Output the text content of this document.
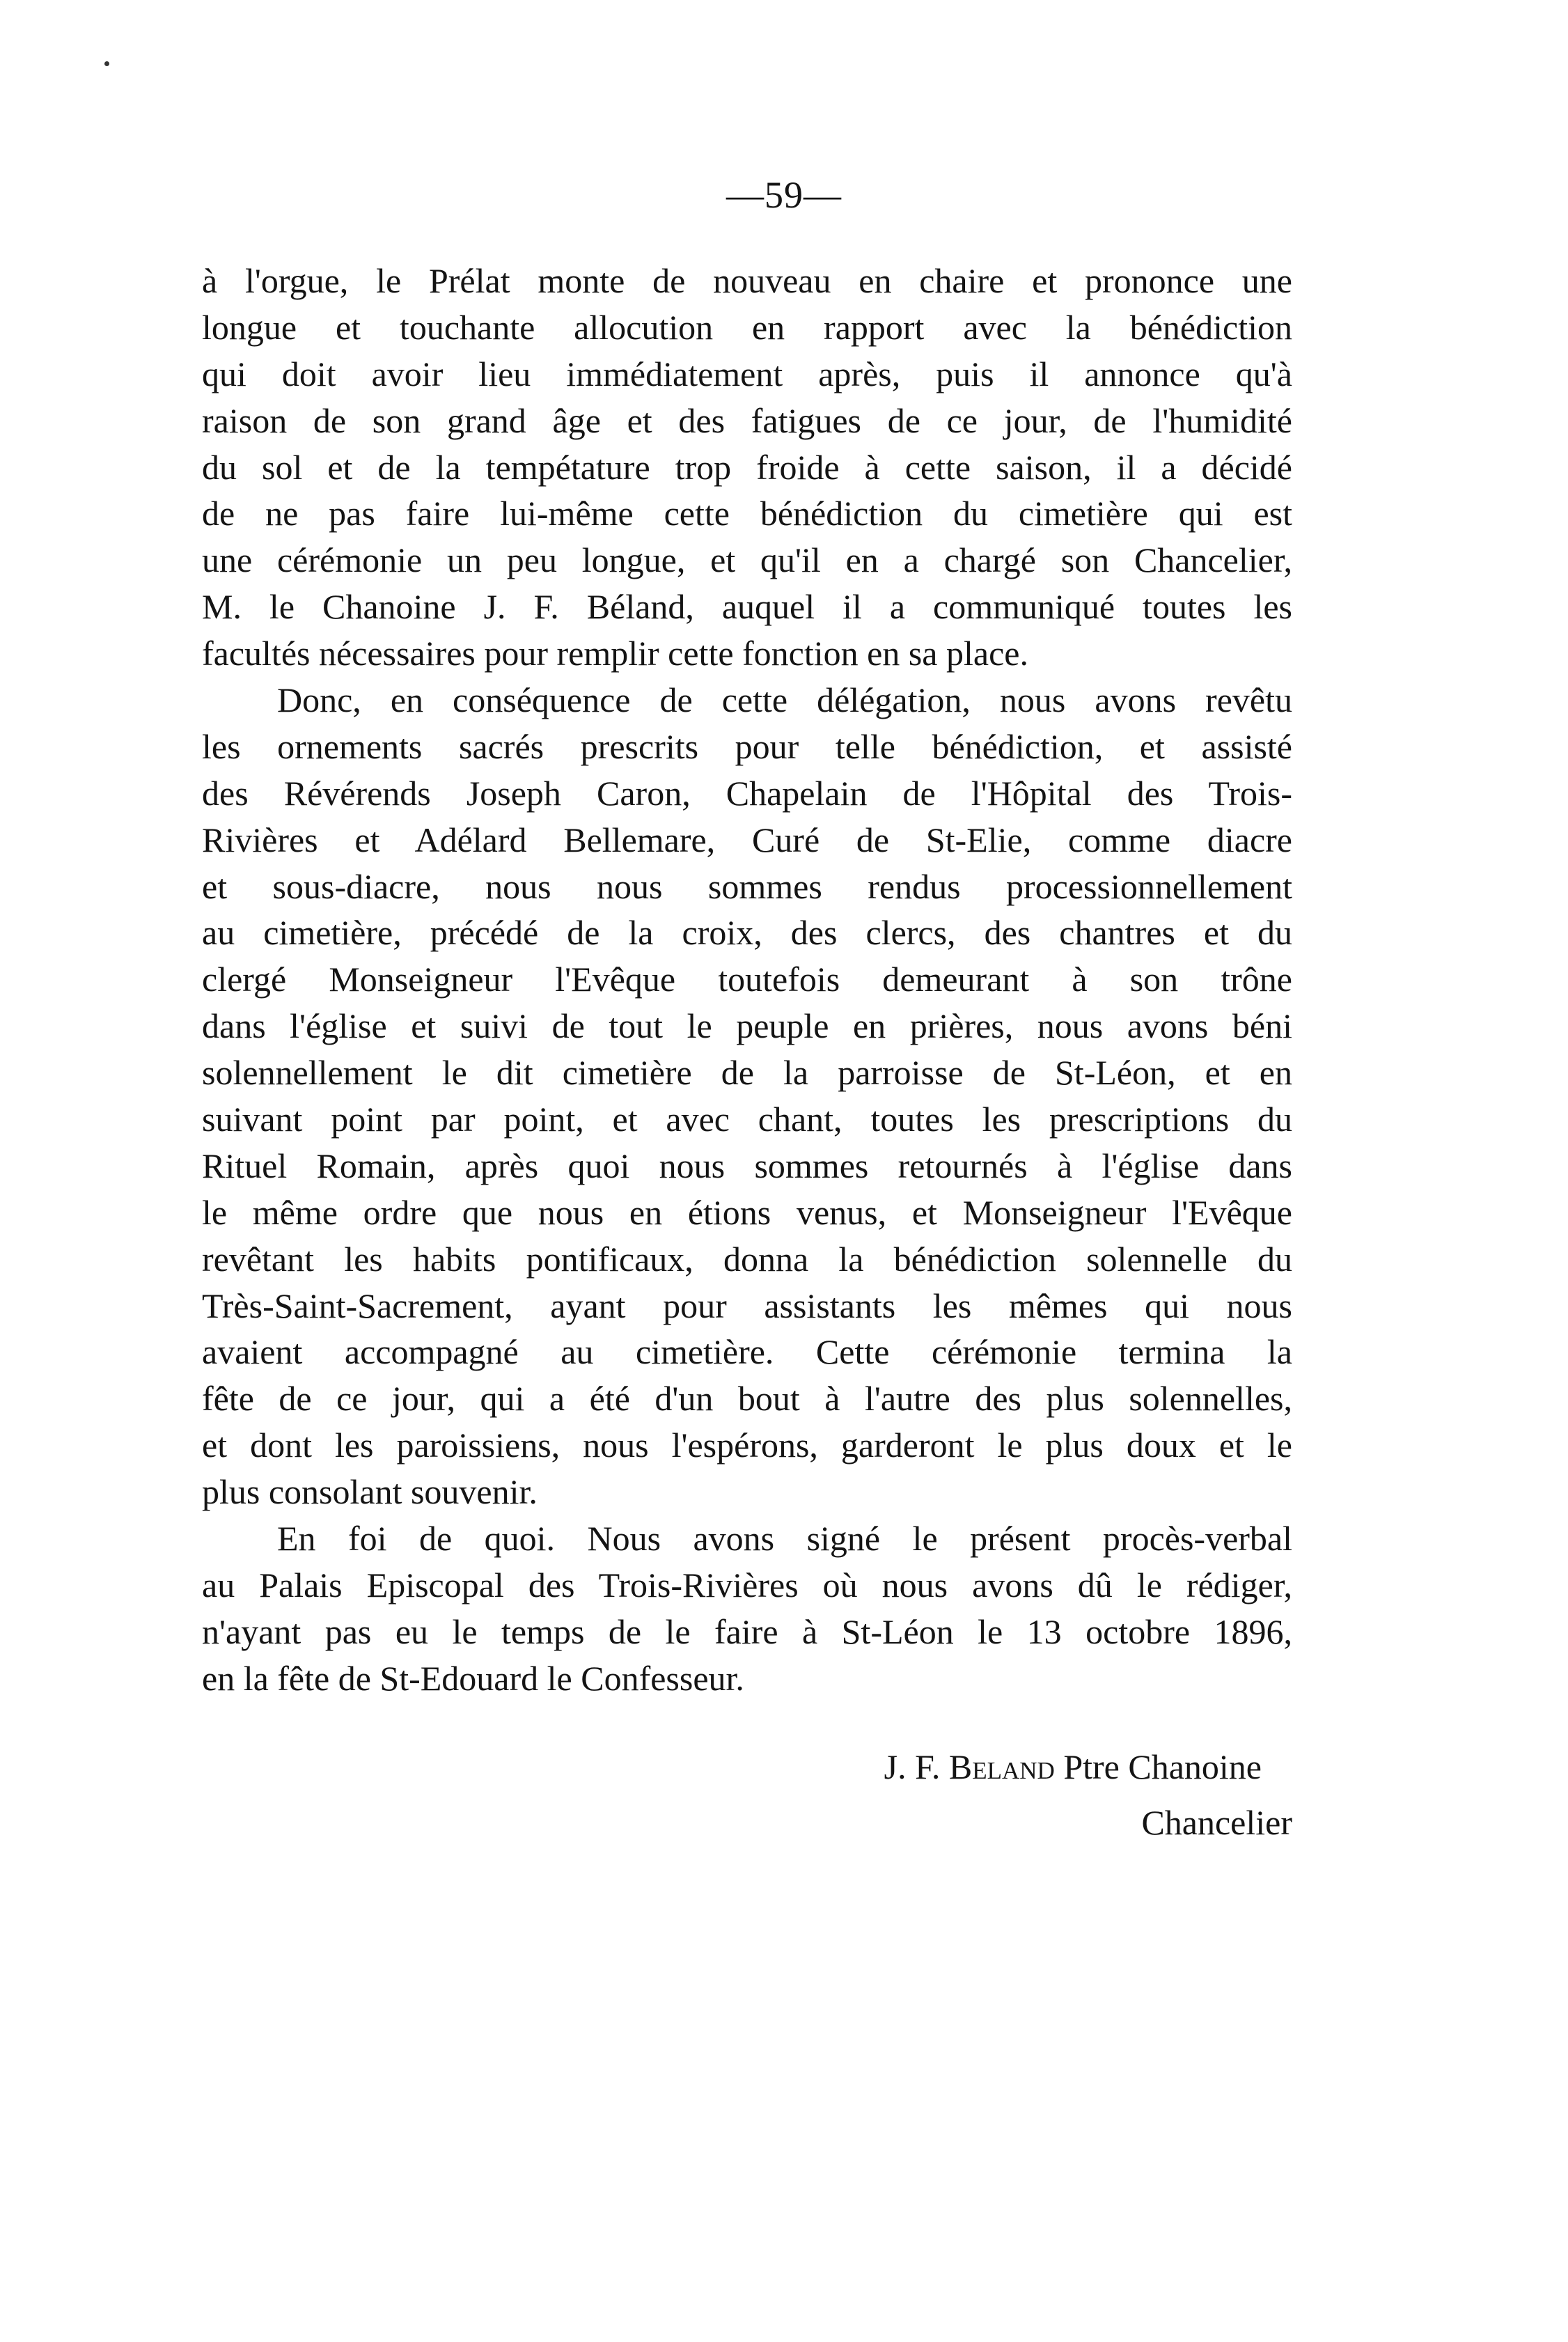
—59—
à l'orgue, le Prélat monte de nouveau en chaire et prononce une
longue et touchante allocution en rapport avec la bénédiction
qui doit avoir lieu immédiatement après, puis il annonce qu'à
raison de son grand âge et des fatigues de ce jour, de l'humidité
du sol et de la tempétature trop froide à cette saison, il a décidé
de ne pas faire lui-même cette bénédiction du cimetière qui est
une cérémonie un peu longue, et qu'il en a chargé son Chancelier,
M. le Chanoine J. F. Béland, auquel il a communiqué toutes les
facultés nécessaires pour remplir cette fonction en sa place.
Donc, en conséquence de cette délégation, nous avons revêtu
les ornements sacrés prescrits pour telle bénédiction, et assisté
des Révérends Joseph Caron, Chapelain de l'Hôpital des Trois-
Rivières et Adélard Bellemare, Curé de St-Elie, comme diacre
et sous-diacre, nous nous sommes rendus processionnellement
au cimetière, précédé de la croix, des clercs, des chantres et du
clergé Monseigneur l'Evêque toutefois demeurant à son trône
dans l'église et suivi de tout le peuple en prières, nous avons béni
solennellement le dit cimetière de la parroisse de St-Léon, et en
suivant point par point, et avec chant, toutes les prescriptions du
Rituel Romain, après quoi nous sommes retournés à l'église dans
le même ordre que nous en étions venus, et Monseigneur l'Evêque
revêtant les habits pontificaux, donna la bénédiction solennelle du
Très-Saint-Sacrement, ayant pour assistants les mêmes qui nous
avaient accompagné au cimetière. Cette cérémonie termina la
fête de ce jour, qui a été d'un bout à l'autre des plus solennelles,
et dont les paroissiens, nous l'espérons, garderont le plus doux et le
plus consolant souvenir.
En foi de quoi. Nous avons signé le présent procès-verbal
au Palais Episcopal des Trois-Rivières où nous avons dû le rédiger,
n'ayant pas eu le temps de le faire à St-Léon le 13 octobre 1896,
en la fête de St-Edouard le Confesseur.
J. F. Beland Ptre Chanoine
Chancelier
